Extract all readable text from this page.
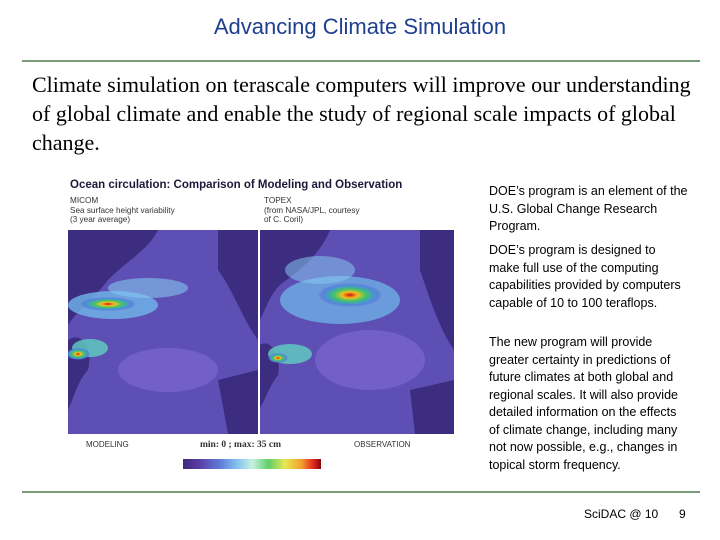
Advancing Climate Simulation
Climate simulation on terascale computers will improve our understanding of global climate and enable the study of regional scale impacts of global change.
Ocean circulation: Comparison of Modeling and Observation
MICOM
Sea surface height variability
(3 year average)
TOPEX
(from NASA/JPL, courtesy
of C. Coril)
MODELING	min: 0 ; max: 35 cm	OBSERVATION
DOE’s program is an element of the U.S. Global Change Research Program.
DOE’s program is designed to make full use of the computing capabilities provided by computers capable of 10 to 100 teraflops.
The new program will provide greater certainty in predictions of future climates at both global and regional scales. It will also provide detailed information on the effects of climate change, including many not now possible, e.g., changes in topical storm frequency.
SciDAC @ 10 9
